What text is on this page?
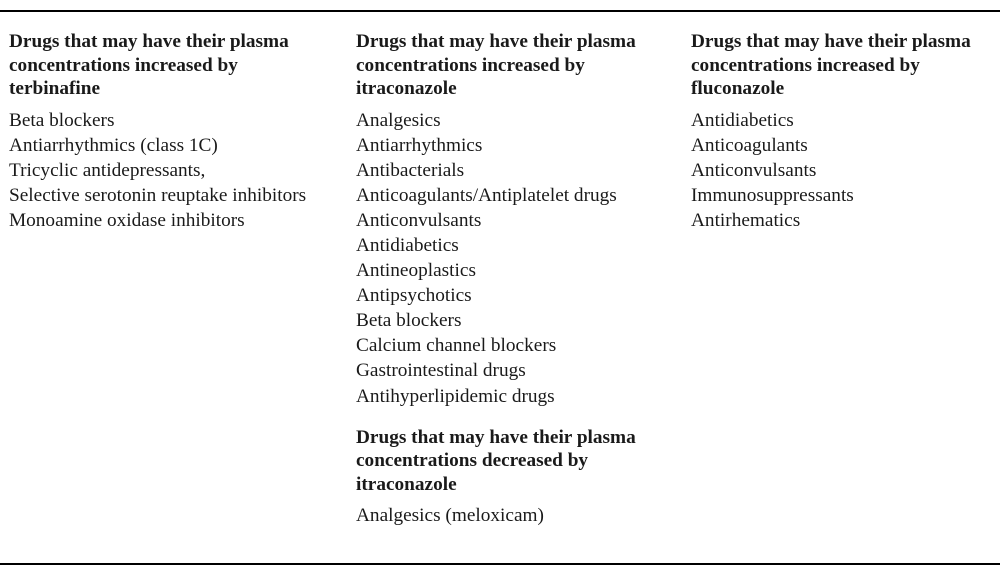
Drugs that may have their plasma
concentrations increased by
terbinafine

Beta blockers
Antiarrhythmics (class 1C)
Tricyclic antidepressants,
Selective serotonin reuptake inhibitors
Monoamine oxidase inhibitors

Drugs that may have their plasma
concentrations increased by
itraconazole

Analgesics
Antiarrhythmics
Antibacterials
Anticoagulants/Antiplatelet drugs
Anticonvulsants
Antidiabetics
Antineoplastics
Antipsychotics
Beta blockers
Calcium channel blockers
Gastrointestinal drugs
Antihyperlipidemic drugs

Drugs that may have their plasma
concentrations decreased by
itraconazole

Analgesics (meloxicam)

Drugs that may have their plasma
concentrations increased by
fluconazole

Antidiabetics
Anticoagulants
Anticonvulsants
Immunosuppressants
Antirhematics
